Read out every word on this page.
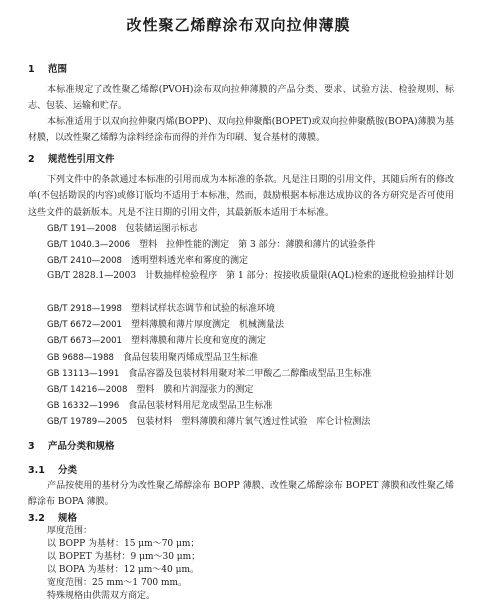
改性聚乙烯醇涂布双向拉伸薄膜
1 范围
本标准规定了改性聚乙烯醇(PVOH)涂布双向拉伸薄膜的产品分类、要求、试验方法、检验规则、标志、包装、运输和贮存。
本标准适用于以双向拉伸聚丙烯(BOPP)、双向拉伸聚酯(BOPET)或双向拉伸聚酰胺(BOPA)薄膜为基材膜，以改性聚乙烯醇为涂料经涂布而得的并作为印刷、复合基材的薄膜。
2 规范性引用文件
下列文件中的条款通过本标准的引用而成为本标准的条款。凡是注日期的引用文件，其随后所有的修改单(不包括勘误的内容)或修订版均不适用于本标准，然而，鼓励根据本标准达成协议的各方研究是否可使用这些文件的最新版本。凡是不注日期的引用文件，其最新版本适用于本标准。
GB/T 191—2008　 包装储运图示标志
GB/T 1040.3—2006　 塑料　拉伸性能的测定　第 3 部分：薄膜和薄片的试验条件
GB/T 2410—2008　 透明塑料透光率和雾度的测定
GB/T 2828.1—2003　计数抽样检验程序　第 1 部分：按接收质量限(AQL)检索的逐批检验抽样计划
GB/T 2918—1998　 塑料试样状态调节和试验的标准环境
GB/T 6672—2001　 塑料薄膜和薄片厚度测定　机械测量法
GB/T 6673—2001　 塑料薄膜和薄片长度和宽度的测定
GB 9688—1988　 食品包装用聚丙烯成型品卫生标准
GB 13113—1991　 食品容器及包装材料用聚对苯二甲酸乙二醇酯成型品卫生标准
GB/T 14216—2008　 塑料　膜和片润湿张力的测定
GB 16332—1996　 食品包装材料用尼龙成型品卫生标准
GB/T 19789—2005　 包装材料　塑料薄膜和薄片氧气透过性试验　库仑计检测法
3 产品分类和规格
3.1 分类
产品按使用的基材分为改性聚乙烯醇涂布 BOPP 薄膜、改性聚乙烯醇涂布 BOPET 薄膜和改性聚乙烯醇涂布 BOPA 薄膜。
3.2 规格
厚度范围：
以 BOPP 为基材：15 μm～70 μm；
以 BOPET 为基材：9 μm～30 μm；
以 BOPA 为基材：12 μm～40 μm。
宽度范围：25 mm～1 700 mm。
特殊规格由供需双方商定。
